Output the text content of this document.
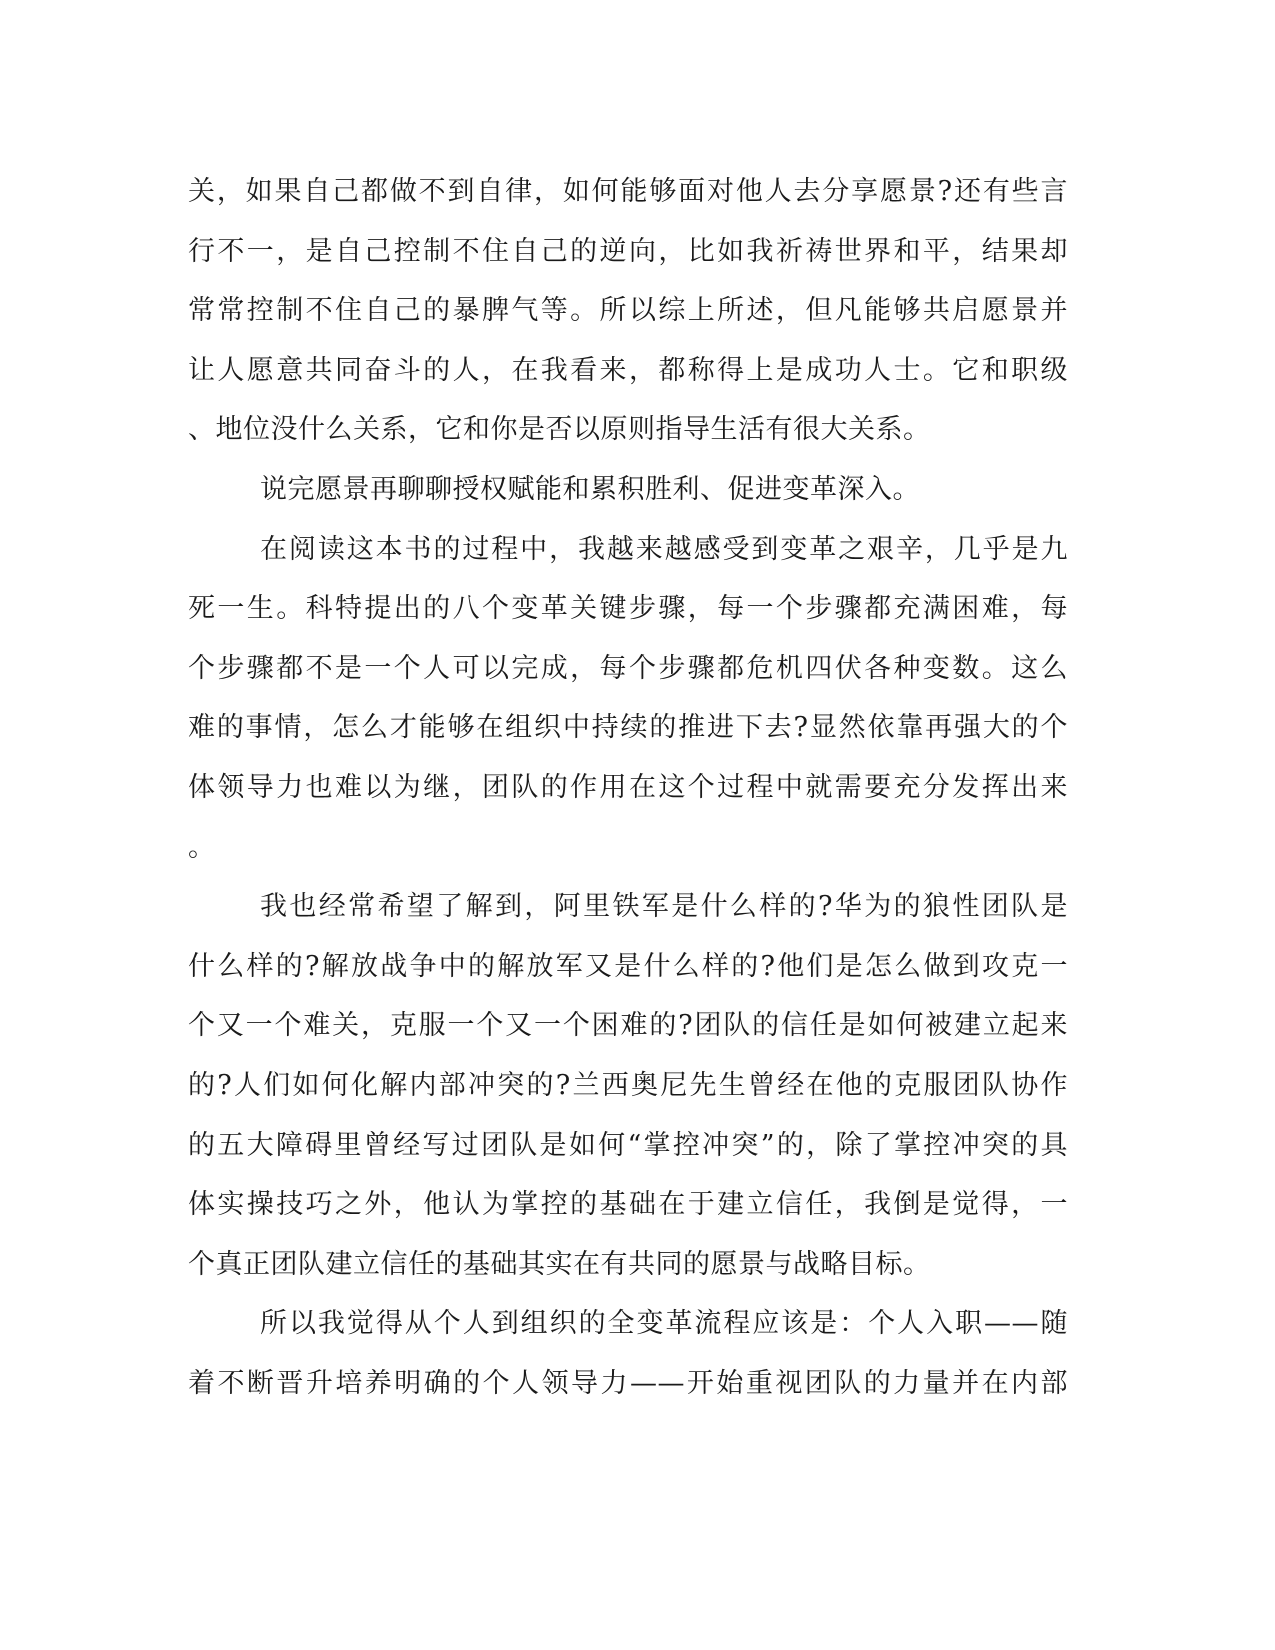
关，如果自己都做不到自律，如何能够面对他人去分享愿景?还有些言
行不一，是自己控制不住自己的逆向，比如我祈祷世界和平，结果却
常常控制不住自己的暴脾气等。所以综上所述，但凡能够共启愿景并
让人愿意共同奋斗的人，在我看来，都称得上是成功人士。它和职级
、地位没什么关系，它和你是否以原则指导生活有很大关系。
说完愿景再聊聊授权赋能和累积胜利、促进变革深入。
在阅读这本书的过程中，我越来越感受到变革之艰辛，几乎是九
死一生。科特提出的八个变革关键步骤，每一个步骤都充满困难，每
个步骤都不是一个人可以完成，每个步骤都危机四伏各种变数。这么
难的事情，怎么才能够在组织中持续的推进下去?显然依靠再强大的个
体领导力也难以为继，团队的作用在这个过程中就需要充分发挥出来
。
我也经常希望了解到，阿里铁军是什么样的?华为的狼性团队是
什么样的?解放战争中的解放军又是什么样的?他们是怎么做到攻克一
个又一个难关，克服一个又一个困难的?团队的信任是如何被建立起来
的?人们如何化解内部冲突的?兰西奥尼先生曾经在他的克服团队协作
的五大障碍里曾经写过团队是如何“掌控冲突”的，除了掌控冲突的具
体实操技巧之外，他认为掌控的基础在于建立信任，我倒是觉得，一
个真正团队建立信任的基础其实在有共同的愿景与战略目标。
所以我觉得从个人到组织的全变革流程应该是：个人入职——随
着不断晋升培养明确的个人领导力——开始重视团队的力量并在内部
